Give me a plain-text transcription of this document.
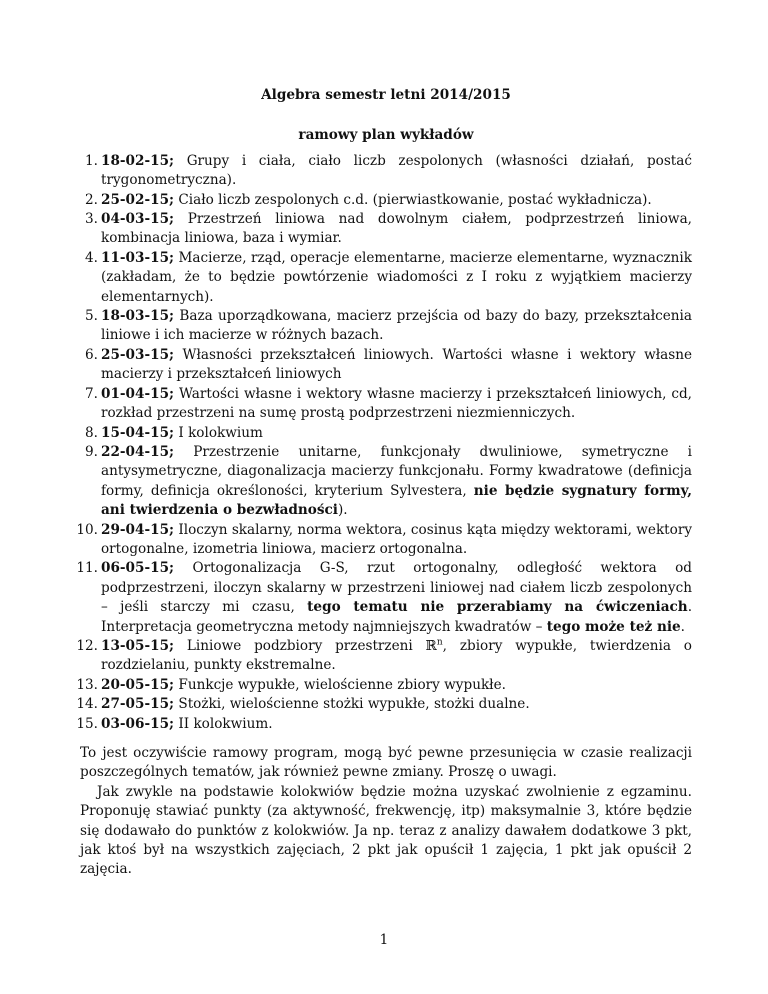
Algebra semestr letni 2014/2015
ramowy plan wykładów
1. 18-02-15; Grupy i ciała, ciało liczb zespolonych (własności działań, postać trygonometryczna).
2. 25-02-15; Ciało liczb zespolonych c.d. (pierwiastkowanie, postać wykładnicza).
3. 04-03-15; Przestrzeń liniowa nad dowolnym ciałem, podprzestrzeń liniowa, kombinacja liniowa, baza i wymiar.
4. 11-03-15; Macierze, rząd, operacje elementarne, macierze elementarne, wyznacznik (zakładam, że to będzie powtórzenie wiadomości z I roku z wyjątkiem macierzy elementarnych).
5. 18-03-15; Baza uporządkowana, macierz przejścia od bazy do bazy, przekształcenia liniowe i ich macierze w różnych bazach.
6. 25-03-15; Własności przekształceń liniowych. Wartości własne i wektory własne macierzy i przekształceń liniowych
7. 01-04-15; Wartości własne i wektory własne macierzy i przekształceń liniowych, cd, rozkład przestrzeni na sumę prostą podprzestrzeni niezmienniczych.
8. 15-04-15; I kolokwium
9. 22-04-15; Przestrzenie unitarne, funkcjonały dwuliniowe, symetryczne i antysymetryczne, diagonalizacja macierzy funkcjonału. Formy kwadratowe (definicja formy, definicja określoności, kryterium Sylvestera, nie będzie sygnatury formy, ani twierdzenia o bezwładności).
10. 29-04-15; Iloczyn skalarny, norma wektora, cosinus kąta między wektorami, wektory ortogonalne, izometria liniowa, macierz ortogonalna.
11. 06-05-15; Ortogonalizacja G-S, rzut ortogonalny, odległość wektora od podprzestrzeni, iloczyn skalarny w przestrzeni liniowej nad ciałem liczb zespolonych – jeśli starczy mi czasu, tego tematu nie przerabiamy na ćwiczeniach. Interpretacja geometryczna metody najmniejszych kwadratów – tego może też nie.
12. 13-05-15; Liniowe podzbiory przestrzeni ℝ$^n$, zbiory wypukłe, twierdzenia o rozdzielaniu, punkty ekstremalne.
13. 20-05-15; Funkcje wypukłe, wielościenne zbiory wypukłe.
14. 27-05-15; Stożki, wielościenne stożki wypukłe, stożki dualne.
15. 03-06-15; II kolokwium.

To jest oczywiście ramowy program, mogą być pewne przesunięcia w czasie realizacji poszczególnych tematów, jak również pewne zmiany. Proszę o uwagi.

Jak zwykle na podstawie kolokwiów będzie można uzyskać zwolnienie z egzaminu. Proponuję stawiać punkty (za aktywność, frekwencję, itp) maksymalnie 3, które będzie się dodawało do punktów z kolokwiów. Ja np. teraz z analizy dawałem dodatkowe 3 pkt, jak ktoś był na wszystkich zajęciach, 2 pkt jak opuścił 1 zajęcia, 1 pkt jak opuścił 2 zajęcia.

1
